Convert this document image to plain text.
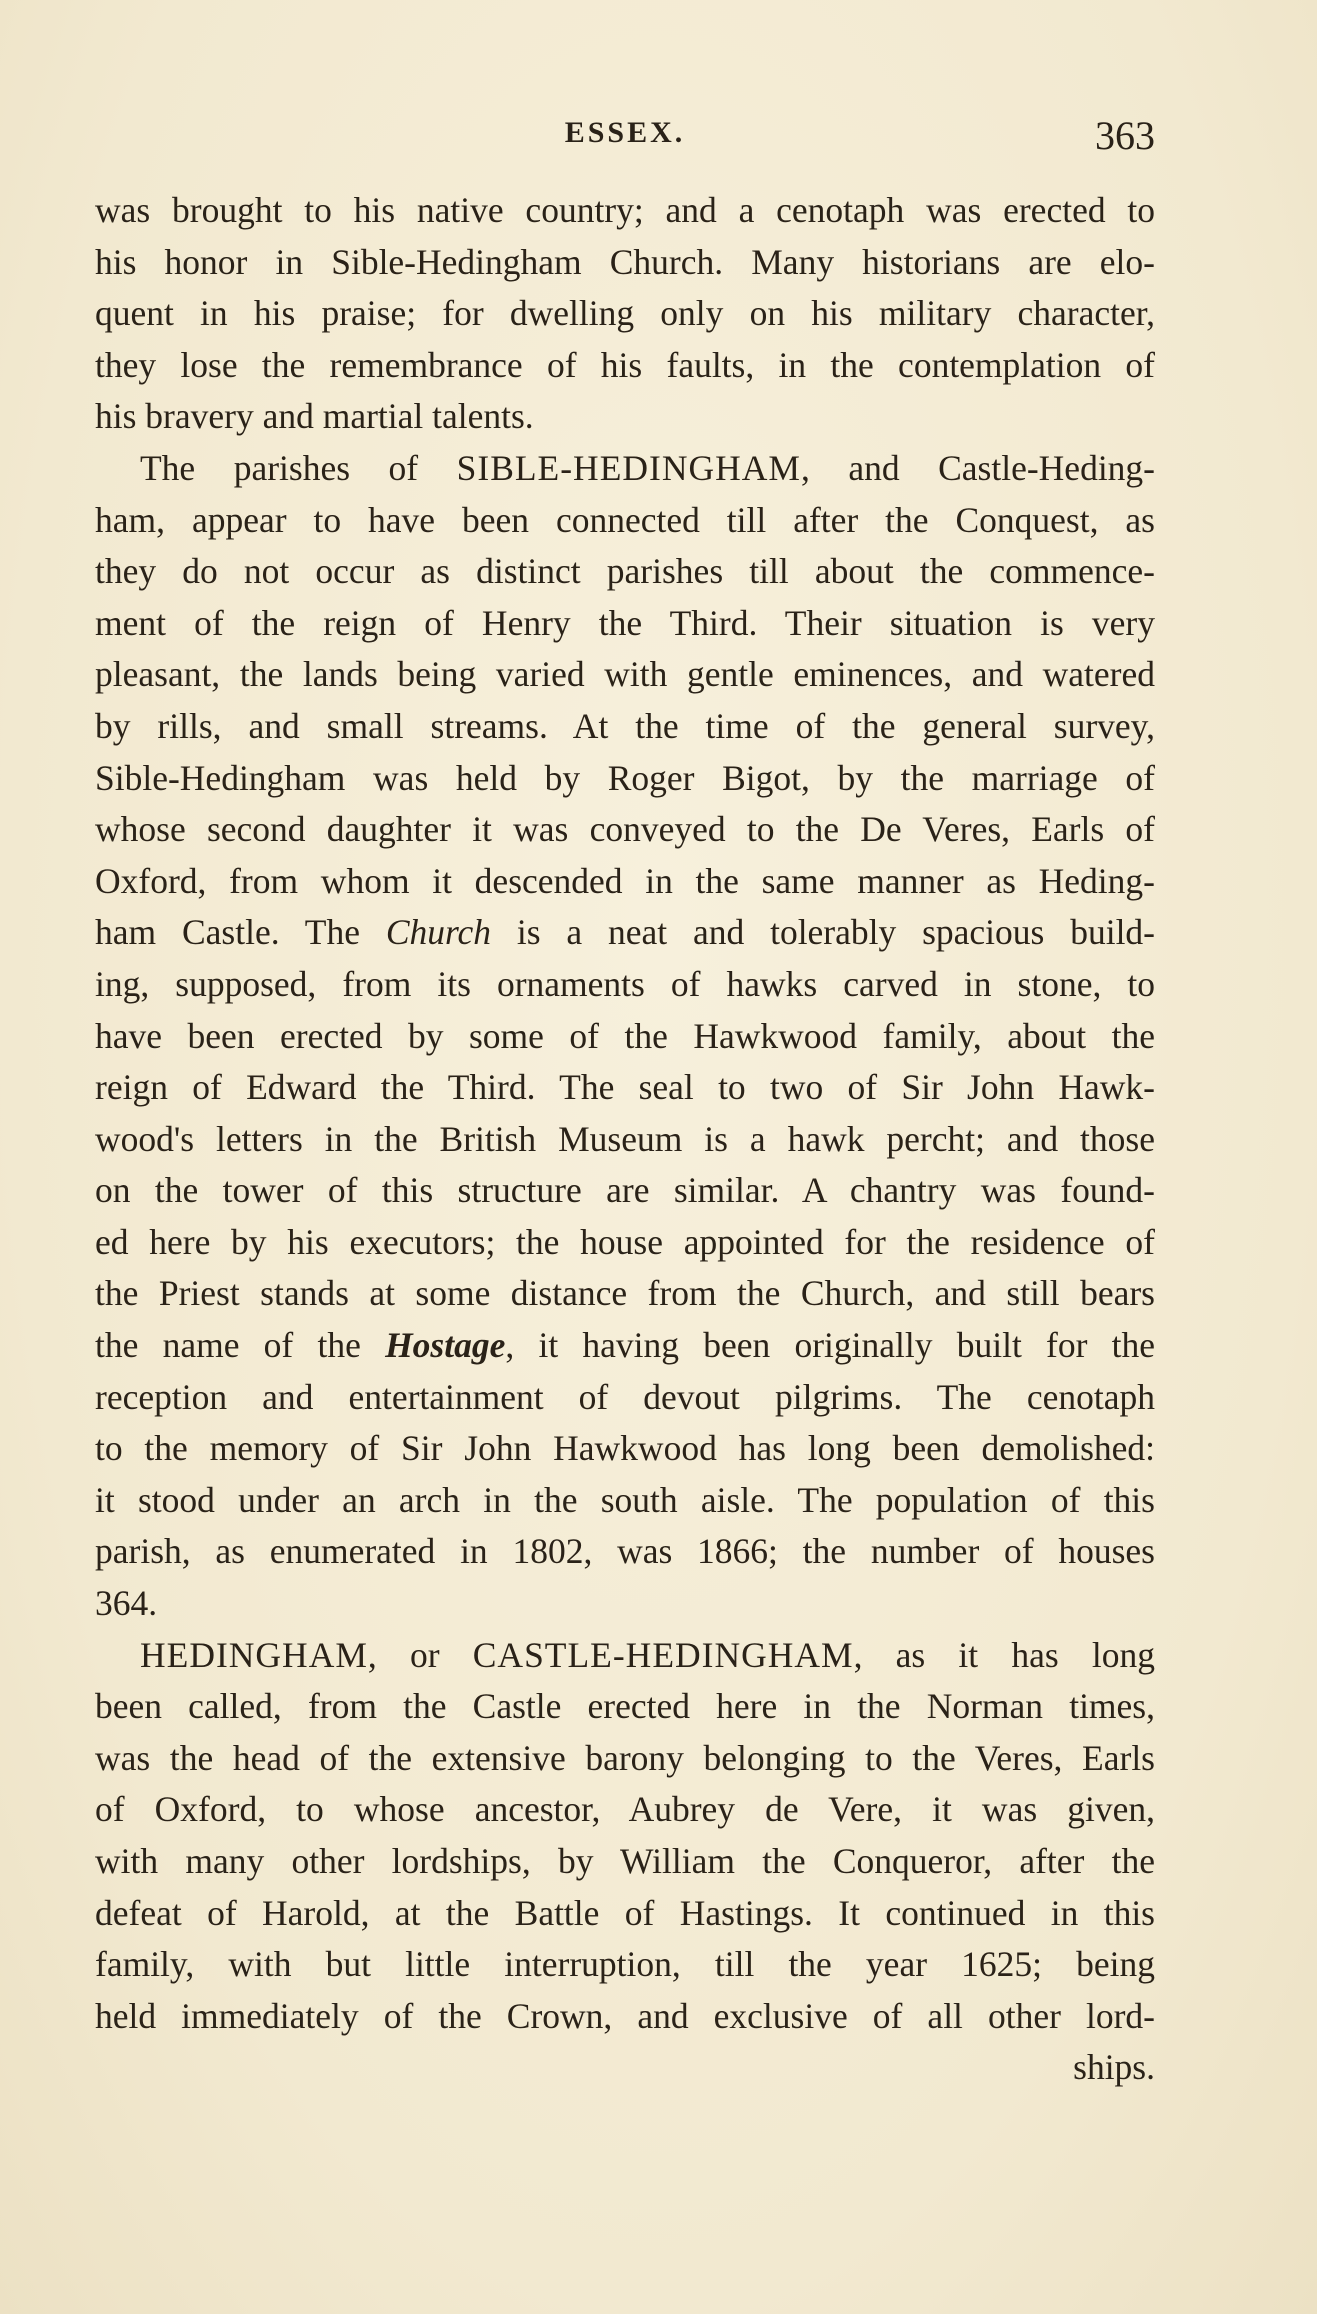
ESSEX.	363
was brought to his native country; and a cenotaph was erected to
his honor in Sible-Hedingham Church. Many historians are elo-
quent in his praise; for dwelling only on his military character,
they lose the remembrance of his faults, in the contemplation of
his bravery and martial talents.
The parishes of SIBLE-HEDINGHAM, and Castle-Heding-
ham, appear to have been connected till after the Conquest, as
they do not occur as distinct parishes till about the commence-
ment of the reign of Henry the Third. Their situation is very
pleasant, the lands being varied with gentle eminences, and watered
by rills, and small streams. At the time of the general survey,
Sible-Hedingham was held by Roger Bigot, by the marriage of
whose second daughter it was conveyed to the De Veres, Earls of
Oxford, from whom it descended in the same manner as Heding-
ham Castle. The Church is a neat and tolerably spacious build-
ing, supposed, from its ornaments of hawks carved in stone, to
have been erected by some of the Hawkwood family, about the
reign of Edward the Third. The seal to two of Sir John Hawk-
wood's letters in the British Museum is a hawk percht; and those
on the tower of this structure are similar. A chantry was found-
ed here by his executors; the house appointed for the residence of
the Priest stands at some distance from the Church, and still bears
the name of the Hostage, it having been originally built for the
reception and entertainment of devout pilgrims. The cenotaph
to the memory of Sir John Hawkwood has long been demolished:
it stood under an arch in the south aisle. The population of this
parish, as enumerated in 1802, was 1866; the number of houses
364.
HEDINGHAM, or CASTLE-HEDINGHAM, as it has long
been called, from the Castle erected here in the Norman times,
was the head of the extensive barony belonging to the Veres, Earls
of Oxford, to whose ancestor, Aubrey de Vere, it was given,
with many other lordships, by William the Conqueror, after the
defeat of Harold, at the Battle of Hastings. It continued in this
family, with but little interruption, till the year 1625; being
held immediately of the Crown, and exclusive of all other lord-
ships.
